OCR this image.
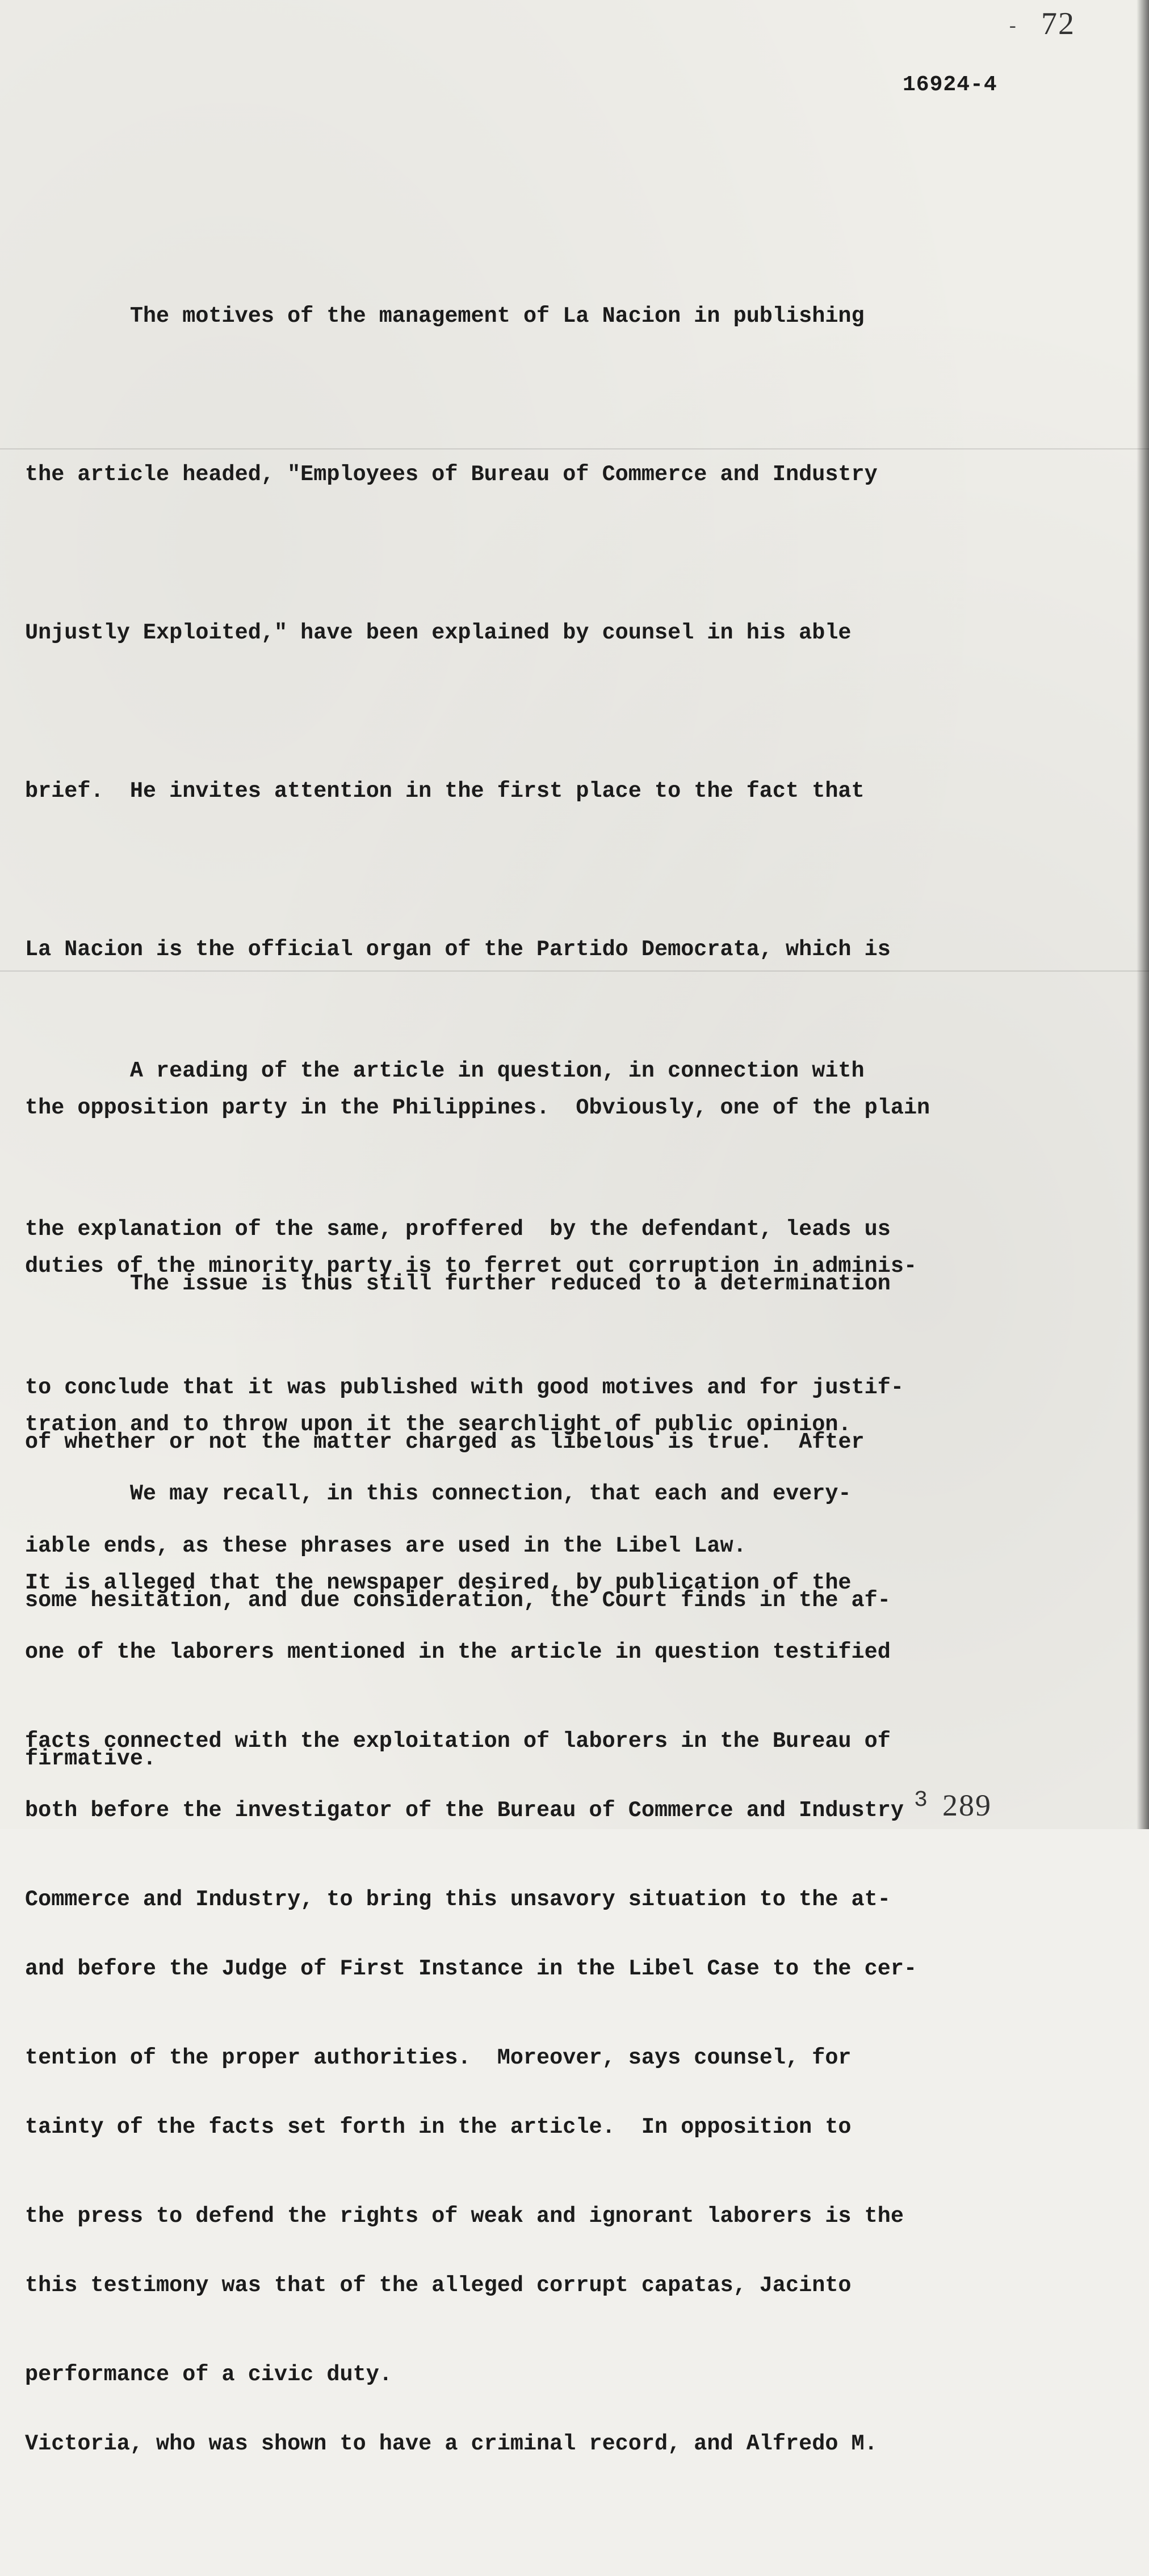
- 72
16924-4

The motives of the management of La Nacion in publishing

the article headed, "Employees of Bureau of Commerce and Industry

Unjustly Exploited," have been explained by counsel in his able

brief.  He invites attention in the first place to the fact that

La Nacion is the official organ of the Partido Democrata, which is

the opposition party in the Philippines.  Obviously, one of the plain

duties of the minority party is to ferret out corruption in adminis-

tration and to throw upon it the searchlight of public opinion.

It is alleged that the newspaper desired, by publication of the

facts connected with the exploitation of laborers in the Bureau of

Commerce and Industry, to bring this unsavory situation to the at-

tention of the proper authorities.  Moreover, says counsel, for

the press to defend the rights of weak and ignorant laborers is the

performance of a civic duty.

A reading of the article in question, in connection with

the explanation of the same, proffered  by the defendant, leads us

to conclude that it was published with good motives and for justif-

iable ends, as these phrases are used in the Libel Law.

The issue is thus still further reduced to a determination

of whether or not the matter charged as libelous is true.  After

some hesitation, and due consideration, the Court finds in the af-

firmative.

We may recall, in this connection, that each and every-

one of the laborers mentioned in the article in question testified

both before the investigator of the Bureau of Commerce and Industry

and before the Judge of First Instance in the Libel Case to the cer-

tainty of the facts set forth in the article.  In opposition to

this testimony was that of the alleged corrupt capatas, Jacinto

Victoria, who was shown to have a criminal record, and Alfredo M.

3 289
